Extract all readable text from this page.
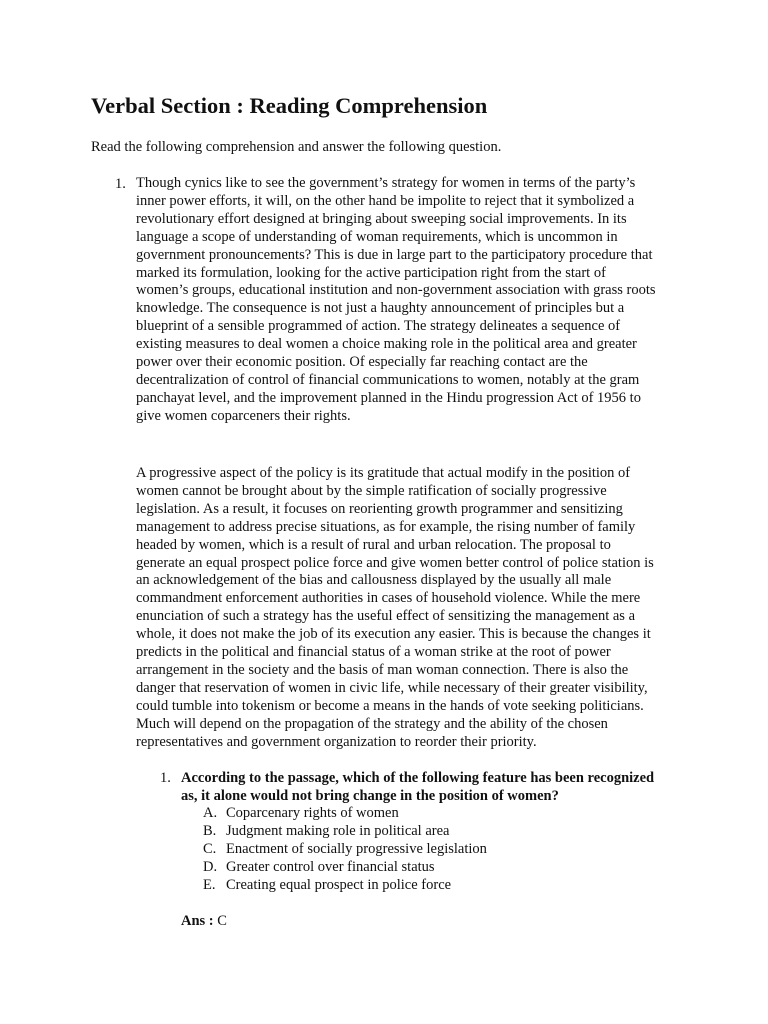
Verbal Section : Reading Comprehension
Read the following comprehension and answer the following question.
1. Though cynics like to see the government’s strategy for women in terms of the party’s
inner power efforts, it will, on the other hand be impolite to reject that it symbolized a
revolutionary effort designed at bringing about sweeping social improvements. In its
language a scope of understanding of woman requirements, which is uncommon in
government pronouncements? This is due in large part to the participatory procedure that
marked its formulation, looking for the active participation right from the start of
women’s groups, educational institution and non-government association with grass roots
knowledge. The consequence is not just a haughty announcement of principles but a
blueprint of a sensible programmed of action. The strategy delineates a sequence of
existing measures to deal women a choice making role in the political area and greater
power over their economic position. Of especially far reaching contact are the
decentralization of control of financial communications to women, notably at the gram
panchayat level, and the improvement planned in the Hindu progression Act of 1956 to
give women coparceners their rights.
A progressive aspect of the policy is its gratitude that actual modify in the position of
women cannot be brought about by the simple ratification of socially progressive
legislation. As a result, it focuses on reorienting growth programmer and sensitizing
management to address precise situations, as for example, the rising number of family
headed by women, which is a result of rural and urban relocation. The proposal to
generate an equal prospect police force and give women better control of police station is
an acknowledgement of the bias and callousness displayed by the usually all male
commandment enforcement authorities in cases of household violence. While the mere
enunciation of such a strategy has the useful effect of sensitizing the management as a
whole, it does not make the job of its execution any easier. This is because the changes it
predicts in the political and financial status of a woman strike at the root of power
arrangement in the society and the basis of man woman connection. There is also the
danger that reservation of women in civic life, while necessary of their greater visibility,
could tumble into tokenism or become a means in the hands of vote seeking politicians.
Much will depend on the propagation of the strategy and the ability of the chosen
representatives and government organization to reorder their priority.
1. According to the passage, which of the following feature has been recognized
as, it alone would not bring change in the position of women?
A. Coparcenary rights of women
B. Judgment making role in political area
C. Enactment of socially progressive legislation
D. Greater control over financial status
E. Creating equal prospect in police force
Ans : C
